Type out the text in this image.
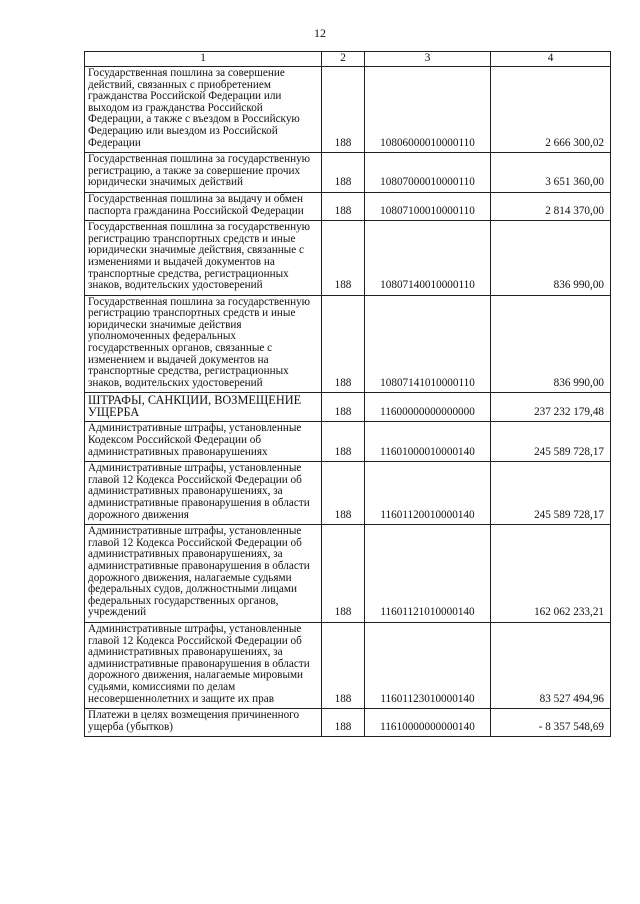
12
1	2	3	4
Государственная пошлина за совершение действий, связанных с приобретением гражданства Российской Федерации или выходом из гражданства Российской Федерации, а также с въездом в Российскую Федерацию или выездом из Российской Федерации	188	10806000010000110	2 666 300,02
Государственная пошлина за государственную регистрацию, а также за совершение прочих юридически значимых действий	188	10807000010000110	3 651 360,00
Государственная пошлина за выдачу и обмен паспорта гражданина Российской Федерации	188	10807100010000110	2 814 370,00
Государственная пошлина за государственную регистрацию транспортных средств и иные юридически значимые действия, связанные с изменениями и выдачей документов на транспортные средства, регистрационных знаков, водительских удостоверений	188	10807140010000110	836 990,00
Государственная пошлина за государственную регистрацию транспортных средств и иные юридически значимые действия уполномоченных федеральных государственных органов, связанные с изменением и выдачей документов на транспортные средства, регистрационных знаков, водительских удостоверений	188	10807141010000110	836 990,00
ШТРАФЫ, САНКЦИИ, ВОЗМЕЩЕНИЕ УЩЕРБА	188	11600000000000000	237 232 179,48
Административные штрафы, установленные Кодексом Российской Федерации об административных правонарушениях	188	11601000010000140	245 589 728,17
Административные штрафы, установленные главой 12 Кодекса Российской Федерации об административных правонарушениях, за административные правонарушения в области дорожного движения	188	11601120010000140	245 589 728,17
Административные штрафы, установленные главой 12 Кодекса Российской Федерации об административных правонарушениях, за административные правонарушения в области дорожного движения, налагаемые судьями федеральных судов, должностными лицами федеральных государственных органов, учреждений	188	11601121010000140	162 062 233,21
Административные штрафы, установленные главой 12 Кодекса Российской Федерации об административных правонарушениях, за административные правонарушения в области дорожного движения, налагаемые мировыми судьями, комиссиями по делам несовершеннолетних и защите их прав	188	11601123010000140	83 527 494,96
Платежи в целях возмещения причиненного ущерба (убытков)	188	11610000000000140	- 8 357 548,69
